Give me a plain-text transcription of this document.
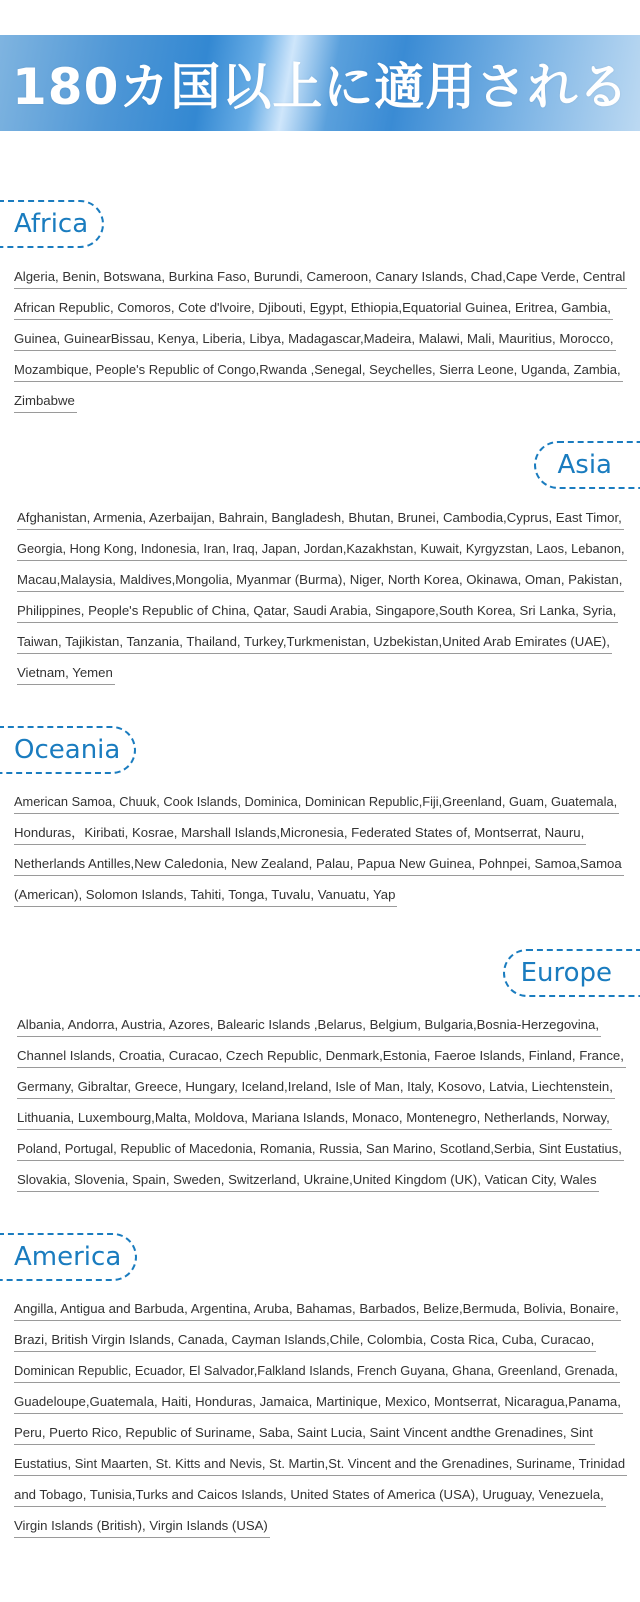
180カ国以上に適用される
Africa
Algeria, Benin, Botswana, Burkina Faso, Burundi, Cameroon, Canary Islands, Chad,Cape Verde, Central
African Republic, Comoros, Cote d'lvoire, Djibouti, Egypt, Ethiopia,Equatorial Guinea, Eritrea, Gambia,
Guinea, GuinearBissau, Kenya, Liberia, Libya, Madagascar,Madeira, Malawi, Mali, Mauritius, Morocco,
Mozambique, People's Republic of Congo,Rwanda ,Senegal, Seychelles, Sierra Leone, Uganda, Zambia,
Zimbabwe
Asia
Afghanistan, Armenia, Azerbaijan, Bahrain, Bangladesh, Bhutan, Brunei, Cambodia,Cyprus, East Timor,
Georgia, Hong Kong, Indonesia, Iran, Iraq, Japan, Jordan,Kazakhstan, Kuwait, Kyrgyzstan, Laos, Lebanon,
Macau,Malaysia, Maldives,Mongolia, Myanmar (Burma), Niger, North Korea, Okinawa, Oman, Pakistan,
Philippines, People's Republic of China, Qatar, Saudi Arabia, Singapore,South Korea, Sri Lanka, Syria,
Taiwan, Tajikistan, Tanzania, Thailand, Turkey,Turkmenistan, Uzbekistan,United Arab Emirates (UAE),
Vietnam, Yemen
Oceania
American Samoa, Chuuk, Cook Islands, Dominica, Dominican Republic,Fiji,Greenland, Guam, Guatemala,
Honduras，Kiribati, Kosrae, Marshall Islands,Micronesia, Federated States of, Montserrat, Nauru,
Netherlands Antilles,New Caledonia, New Zealand, Palau, Papua New Guinea, Pohnpei, Samoa,Samoa
(American), Solomon Islands, Tahiti, Tonga, Tuvalu, Vanuatu, Yap
Europe
Albania, Andorra, Austria, Azores, Balearic Islands ,Belarus, Belgium, Bulgaria,Bosnia-Herzegovina,
Channel Islands, Croatia, Curacao, Czech Republic, Denmark,Estonia, Faeroe Islands, Finland, France,
Germany, Gibraltar, Greece, Hungary, Iceland,Ireland, Isle of Man, Italy, Kosovo, Latvia, Liechtenstein,
Lithuania, Luxembourg,Malta, Moldova, Mariana Islands, Monaco, Montenegro, Netherlands, Norway,
Poland, Portugal, Republic of Macedonia, Romania, Russia, San Marino, Scotland,Serbia, Sint Eustatius,
Slovakia, Slovenia, Spain, Sweden, Switzerland, Ukraine,United Kingdom (UK), Vatican City, Wales
America
Angilla, Antigua and Barbuda, Argentina, Aruba, Bahamas, Barbados, Belize,Bermuda, Bolivia, Bonaire,
Brazi, British Virgin Islands, Canada, Cayman Islands,Chile, Colombia, Costa Rica, Cuba, Curacao,
Dominican Republic, Ecuador, El Salvador,Falkland Islands, French Guyana, Ghana, Greenland, Grenada,
Guadeloupe,Guatemala, Haiti, Honduras, Jamaica, Martinique, Mexico, Montserrat, Nicaragua,Panama,
Peru, Puerto Rico, Republic of Suriname, Saba, Saint Lucia, Saint Vincent andthe Grenadines, Sint
Eustatius, Sint Maarten, St. Kitts and Nevis, St. Martin,St. Vincent and the Grenadines, Suriname, Trinidad
and Tobago, Tunisia,Turks and Caicos Islands, United States of America (USA), Uruguay, Venezuela,
Virgin Islands (British), Virgin Islands (USA)
